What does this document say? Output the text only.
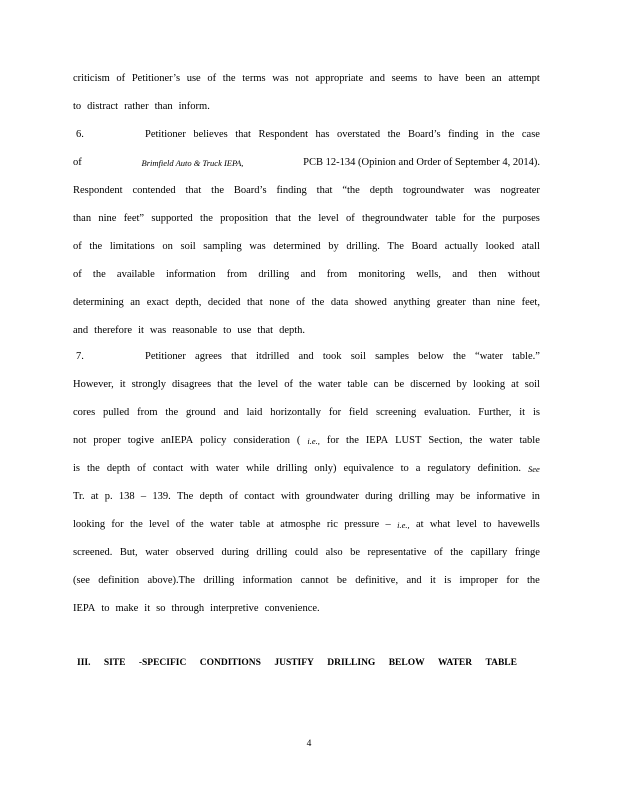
criticism of Petitioner’s use of the terms was not appropriate and seems to have been an attempt
to distract rather than inform.
6.	Petitioner believes that Respondent has overstated the Board’s finding in the case
of	Brimfield Auto & Truck IEPA,	PCB 12-134 (Opinion and Order of September 4, 2014).
Respondent contended that the Board’s finding that “the depth togroundwater was nogreater
than nine feet” supported the proposition that the level of thegroundwater table for the purposes
of the limitations on soil sampling was determined by drilling. The Board actually looked atall
of the available information from drilling and from monitoring wells, and then without
determining an exact depth, decided that none of the data showed anything greater than nine feet,
and therefore it was reasonable to use that depth.
7.	Petitioner agrees that itdrilled and took soil samples below the “water table.”
However, it strongly disagrees that the level of the water table can be discerned by looking at soil
cores pulled from the ground and laid horizontally for field screening evaluation. Further, it is
not proper togive anIEPA policy consideration ( i.e., for the IEPA LUST Section, the water table
is the depth of contact with water while drilling only) equivalence to a regulatory definition. See
Tr. at p. 138 – 139. The depth of contact with groundwater during drilling may be informative in
looking for the level of the water table at atmosphe ric pressure – i.e., at what level to havewells
screened. But, water observed during drilling could also be representative of the capillary fringe
(see definition above).The drilling information cannot be definitive, and it is improper for the
IEPA to make it so through interpretive convenience.
III. SITE -SPECIFIC CONDITIONS JUSTIFY DRILLING BELOW WATER TABLE
4
